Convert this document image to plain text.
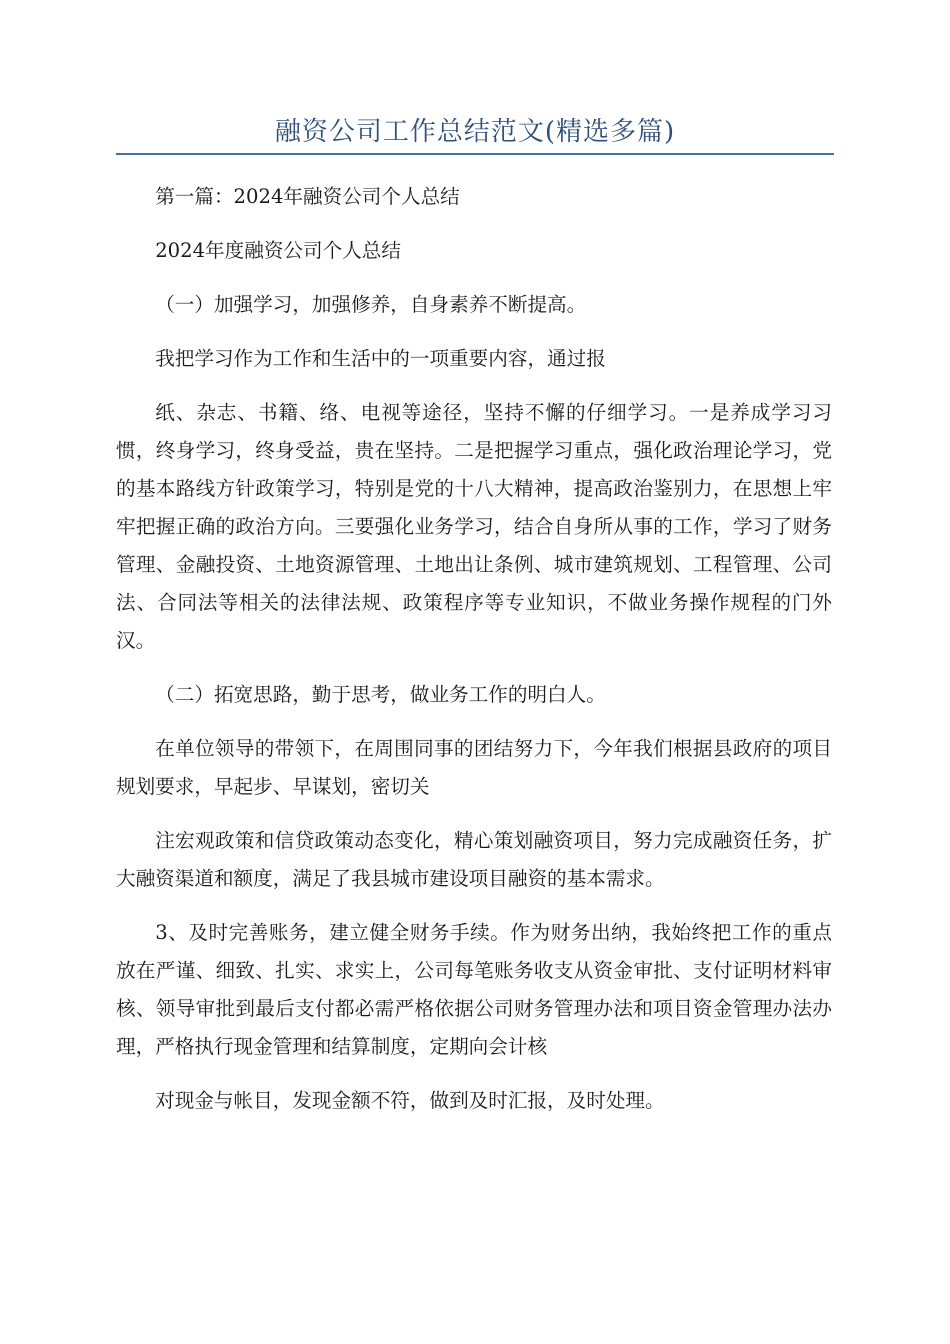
融资公司工作总结范文(精选多篇)

第一篇：2024年融资公司个人总结

2024年度融资公司个人总结

（一）加强学习，加强修养，自身素养不断提高。

我把学习作为工作和生活中的一项重要内容，通过报

纸、杂志、书籍、络、电视等途径，坚持不懈的仔细学习。一是养成学习习惯，终身学习，终身受益，贵在坚持。二是把握学习重点，强化政治理论学习，党的基本路线方针政策学习，特别是党的十八大精神，提高政治鉴别力，在思想上牢牢把握正确的政治方向。三要强化业务学习，结合自身所从事的工作，学习了财务管理、金融投资、土地资源管理、土地出让条例、城市建筑规划、工程管理、公司法、合同法等相关的法律法规、政策程序等专业知识，不做业务操作规程的门外汉。

（二）拓宽思路，勤于思考，做业务工作的明白人。

在单位领导的带领下，在周围同事的团结努力下，今年我们根据县政府的项目规划要求，早起步、早谋划，密切关

注宏观政策和信贷政策动态变化，精心策划融资项目，努力完成融资任务，扩大融资渠道和额度，满足了我县城市建设项目融资的基本需求。

3、及时完善账务，建立健全财务手续。作为财务出纳，我始终把工作的重点放在严谨、细致、扎实、求实上，公司每笔账务收支从资金审批、支付证明材料审核、领导审批到最后支付都必需严格依据公司财务管理办法和项目资金管理办法办理，严格执行现金管理和结算制度，定期向会计核

对现金与帐目，发现金额不符，做到及时汇报，及时处理。
